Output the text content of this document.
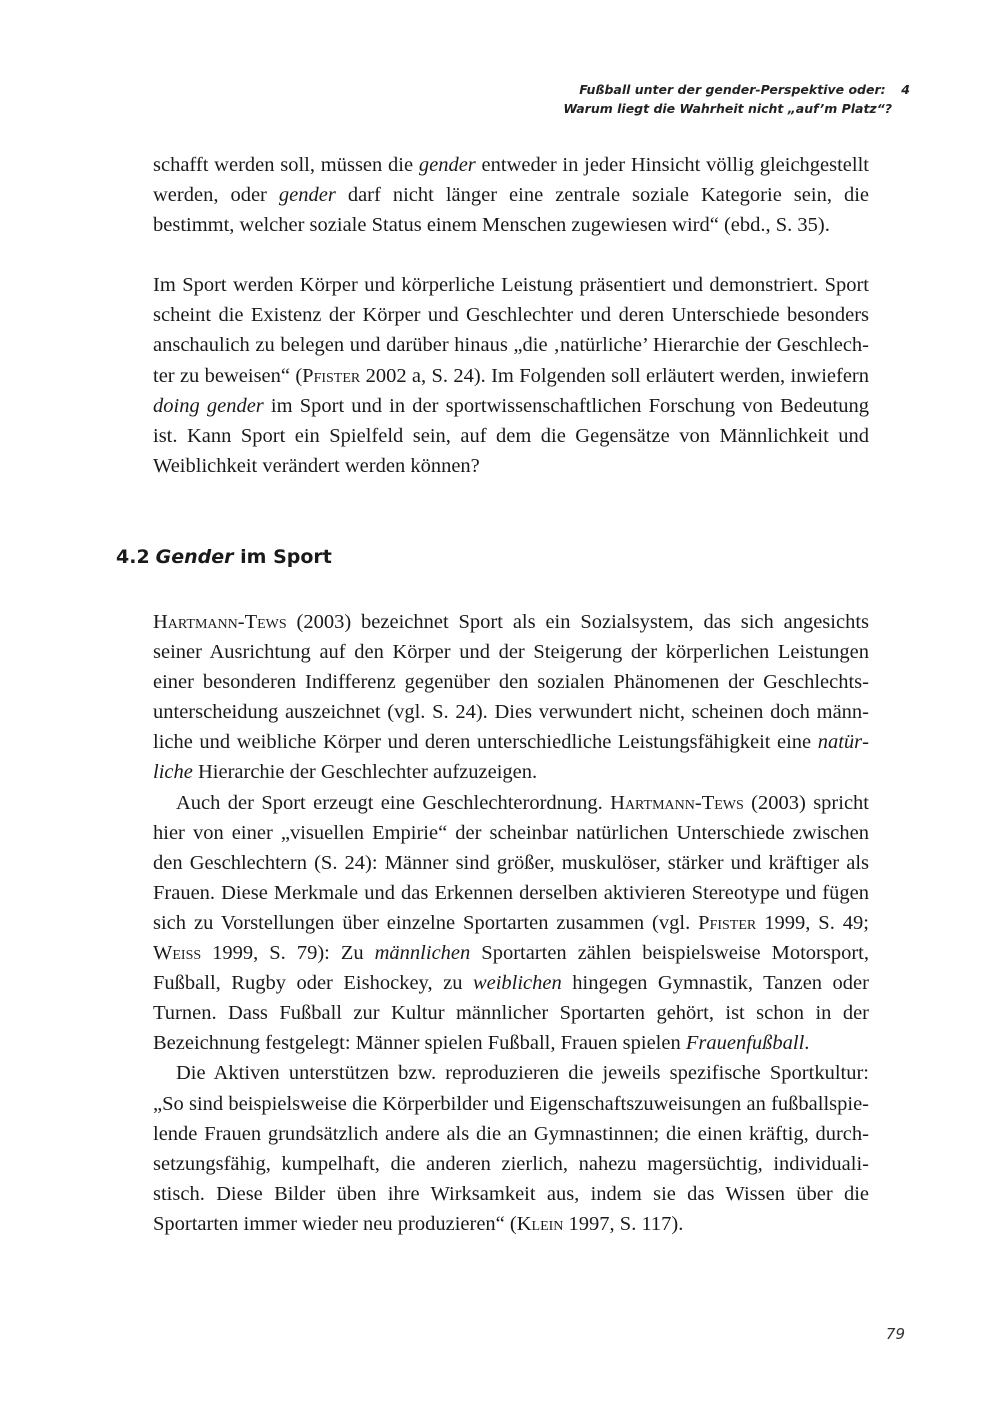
Fußball unter der gender-Perspektive oder: 4
Warum liegt die Wahrheit nicht „auf’m Platz“?

schafft werden soll, müssen die gender entweder in jeder Hinsicht völlig gleichgestellt werden, oder gender darf nicht länger eine zentrale soziale Kategorie sein, die bestimmt, welcher soziale Status einem Menschen zugewiesen wird“ (ebd., S. 35).

Im Sport werden Körper und körperliche Leistung präsentiert und demonstriert. Sport scheint die Existenz der Körper und Geschlechter und deren Unterschiede besonders anschaulich zu belegen und darüber hinaus „die ‚natürliche’ Hierarchie der Geschlechter zu beweisen“ (Pfister 2002 a, S. 24). Im Folgenden soll erläutert werden, inwiefern doing gender im Sport und in der sportwissenschaftlichen Forschung von Bedeutung ist. Kann Sport ein Spielfeld sein, auf dem die Gegensätze von Männlichkeit und Weiblichkeit verändert werden können?

4.2 Gender im Sport

Hartmann-Tews (2003) bezeichnet Sport als ein Sozialsystem, das sich angesichts seiner Ausrichtung auf den Körper und der Steigerung der körperlichen Leistungen einer besonderen Indifferenz gegenüber den sozialen Phänomenen der Geschlechtsunterscheidung auszeichnet (vgl. S. 24). Dies verwundert nicht, scheinen doch männliche und weibliche Körper und deren unterschiedliche Leistungsfähigkeit eine natürliche Hierarchie der Geschlechter aufzuzeigen.

Auch der Sport erzeugt eine Geschlechterordnung. Hartmann-Tews (2003) spricht hier von einer „visuellen Empirie“ der scheinbar natürlichen Unterschiede zwischen den Geschlechtern (S. 24): Männer sind größer, muskulöser, stärker und kräftiger als Frauen. Diese Merkmale und das Erkennen derselben aktivieren Stereotype und fügen sich zu Vorstellungen über einzelne Sportarten zusammen (vgl. Pfister 1999, S. 49; Weiß 1999, S. 79): Zu männlichen Sportarten zählen beispielsweise Motorsport, Fußball, Rugby oder Eishockey, zu weiblichen hingegen Gymnastik, Tanzen oder Turnen. Dass Fußball zur Kultur männlicher Sportarten gehört, ist schon in der Bezeichnung festgelegt: Männer spielen Fußball, Frauen spielen Frauenfußball.

Die Aktiven unterstützen bzw. reproduzieren die jeweils spezifische Sportkultur: „So sind beispielsweise die Körperbilder und Eigenschaftszuweisungen an fußballspielende Frauen grundsätzlich andere als die an Gymnastinnen; die einen kräftig, durchsetzungsfähig, kumpelhaft, die anderen zierlich, nahezu magersüchtig, individualistisch. Diese Bilder üben ihre Wirksamkeit aus, indem sie das Wissen über die Sportarten immer wieder neu produzieren“ (Klein 1997, S. 117).

79
